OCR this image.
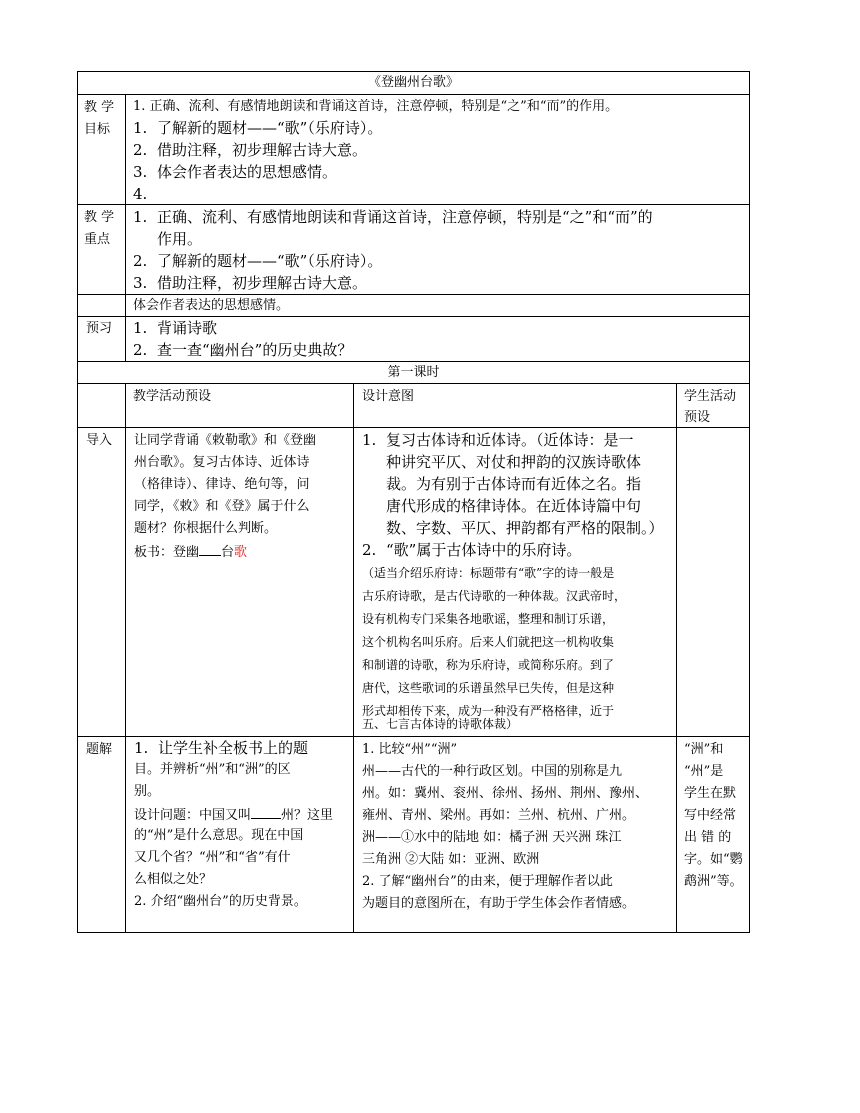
《登幽州台歌》
教 学
目标
1. 正确、流利、有感情地朗读和背诵这首诗，注意停顿，特别是“之”和“而”的作用。
1. 了解新的题材——“歌”（乐府诗）。
2. 借助注释，初步理解古诗大意。
3. 体会作者表达的思想感情。
4.
教 学
重点
1. 正确、流利、有感情地朗读和背诵这首诗，注意停顿，特别是“之”和“而”的
作用。
2. 了解新的题材——“歌”（乐府诗）。
3. 借助注释，初步理解古诗大意。
体会作者表达的思想感情。
预习 1. 背诵诗歌
2. 查一查“幽州台”的历史典故？
第一课时
教学活动预设	设计意图	学生活动
预设
导入 让同学背诵《敕勒歌》和《登幽
州台歌》。复习古体诗、近体诗
（格律诗）、律诗、绝句等，问
同学，《敕》和《登》属于什么
题材？你根据什么判断。
板书：登幽 台歌
1. 复习古体诗和近体诗。（近体诗：是一
种讲究平仄、对仗和押韵的汉族诗歌体
裁。为有别于古体诗而有近体之名。指
唐代形成的格律诗体。在近体诗篇中句
数、字数、平仄、押韵都有严格的限制。）
2. “歌”属于古体诗中的乐府诗。
（适当介绍乐府诗：标题带有“歌”字的诗一般是
古乐府诗歌，是古代诗歌的一种体裁。汉武帝时，
设有机构专门采集各地歌谣，整理和制订乐谱，
这个机构名叫乐府。后来人们就把这一机构收集
和制谱的诗歌，称为乐府诗，或简称乐府。到了
唐代，这些歌词的乐谱虽然早已失传，但是这种
形式却相传下来，成为一种没有严格格律，近于
五、七言古体诗的诗歌体裁）
题解 1. 让学生补全板书上的题
目。并辨析“州”和“洲”的区
别。
设计问题：中国又叫 州？这里
的“州”是什么意思。现在中国
又几个省？“州”和“省”有什
么相似之处？
2. 介绍“幽州台”的历史背景。
1. 比较“州”“洲”
州——古代的一种行政区划。中国的别称是九
州。如：冀州、衮州、徐州、扬州、荆州、豫州、
雍州、青州、梁州。再如：兰州、杭州、广州。
洲——①水中的陆地 如：橘子洲 天兴洲 珠江
三角洲 ②大陆 如：亚洲、欧洲
2. 了解“幽州台”的由来，便于理解作者以此
为题目的意图所在，有助于学生体会作者情感。
“洲”和
“州”是
学生在默
写中经常
出 错 的
字。如“鹦
鹉洲”等。
